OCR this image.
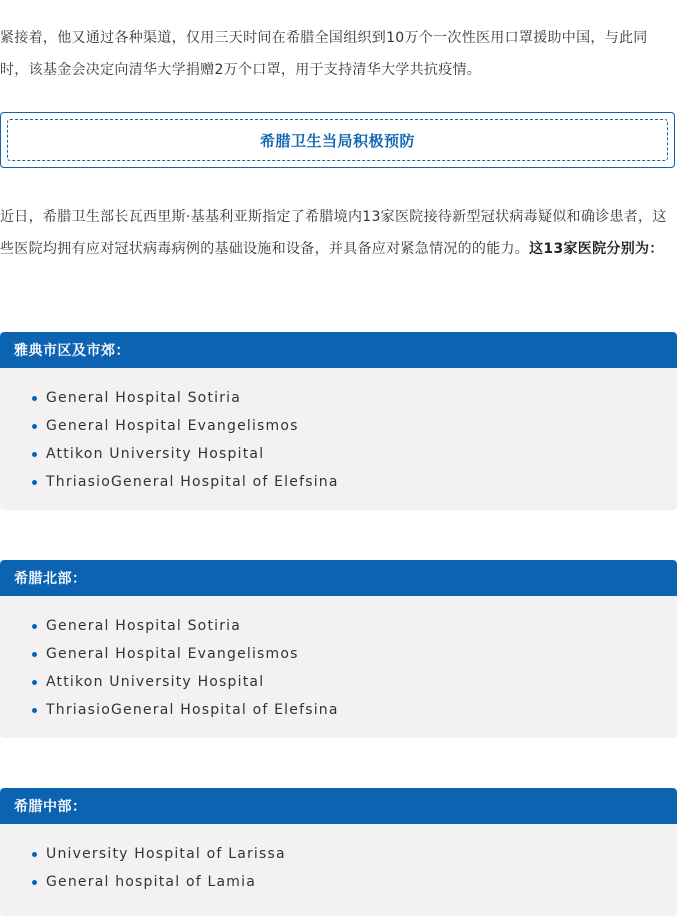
紧接着，他又通过各种渠道，仅用三天时间在希腊全国组织到10万个一次性医用口罩援助中国，与此同时，该基金会决定向清华大学捐赠2万个口罩，用于支持清华大学共抗疫情。

希腊卫生当局积极预防

近日，希腊卫生部长瓦西里斯·基基利亚斯指定了希腊境内13家医院接待新型冠状病毒疑似和确诊患者，这些医院均拥有应对冠状病毒病例的基础设施和设备，并具备应对紧急情况的的能力。这13家医院分别为：

雅典市区及市郊：
General Hospital Sotiria
General Hospital Evangelismos
Attikon University Hospital
ThriasioGeneral Hospital of Elefsina
希腊北部：
General Hospital Sotiria
General Hospital Evangelismos
Attikon University Hospital
ThriasioGeneral Hospital of Elefsina
希腊中部：
University Hospital of Larissa
General hospital of Lamia
